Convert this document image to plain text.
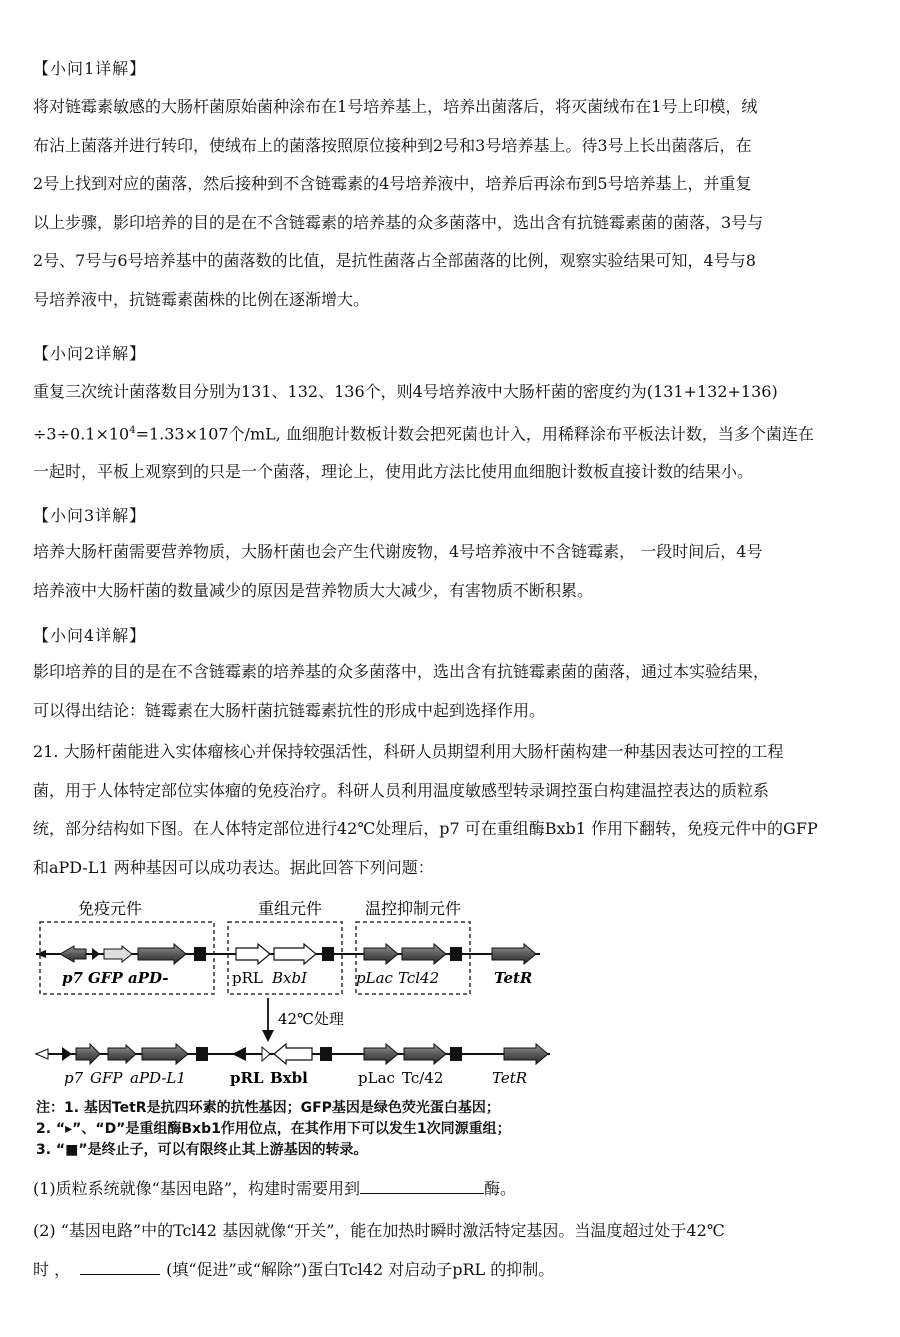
【小问1详解】

将对链霉素敏感的大肠杆菌原始菌种涂布在1号培养基上，培养出菌落后，将灭菌绒布在1号上印模，绒

布沾上菌落并进行转印，使绒布上的菌落按照原位接种到2号和3号培养基上。待3号上长出菌落后，在

2号上找到对应的菌落，然后接种到不含链霉素的4号培养液中，培养后再涂布到5号培养基上，并重复

以上步骤，影印培养的目的是在不含链霉素的培养基的众多菌落中，选出含有抗链霉素菌的菌落，3号与

2号、7号与6号培养基中的菌落数的比值，是抗性菌落占全部菌落的比例，观察实验结果可知，4号与8

号培养液中，抗链霉素菌株的比例在逐渐增大。

【小问2详解】

重复三次统计菌落数目分别为131、132、136个，则4号培养液中大肠杆菌的密度约为(131+132+136)

$\div 3\div 0.1\times 10^4=1.33\times 107$个/mL, 血细胞计数板计数会把死菌也计入，用稀释涂布平板法计数，当多个菌连在

一起时，平板上观察到的只是一个菌落，理论上，使用此方法比使用血细胞计数板直接计数的结果小。

【小问3详解】

培养大肠杆菌需要营养物质，大肠杆菌也会产生代谢废物，4号培养液中不含链霉素， 一段时间后，4号

培养液中大肠杆菌的数量减少的原因是营养物质大大减少，有害物质不断积累。

【小问4详解】

影印培养的目的是在不含链霉素的培养基的众多菌落中，选出含有抗链霉素菌的菌落，通过本实验结果，

可以得出结论：链霉素在大肠杆菌抗链霉素抗性的形成中起到选择作用。

21. 大肠杆菌能进入实体瘤核心并保持较强活性，科研人员期望利用大肠杆菌构建一种基因表达可控的工程

菌，用于人体特定部位实体瘤的免疫治疗。科研人员利用温度敏感型转录调控蛋白构建温控表达的质粒系

统，部分结构如下图。在人体特定部位进行42℃处理后，p7 可在重组酶Bxb1 作用下翻转，免疫元件中的GFP

和aPD-L1 两种基因可以成功表达。据此回答下列问题：

免疫元件	重组元件	温控抑制元件
p7 GFP aPD-	pRL BxbI	pLac Tcl42	TetR
42℃处理
p7 GFP aPD-L1	pRL Bxbl	pLac Tc/42	TetR

注：1. 基因TetR是抗四环素的抗性基因；GFP基因是绿色荧光蛋白基因；

2. “▸”、“D”是重组酶Bxb1作用位点，在其作用下可以发生1次同源重组；

3. “■”是终止子，可以有限终止其上游基因的转录。

(1)质粒系统就像“基因电路”，构建时需要用到	酶。
(2) “基因电路”中的Tcl42 基因就像“开关”，能在加热时瞬时激活特定基因。当温度超过处于42℃
时 ，	(填“促进”或“解除”)蛋白Tcl42 对启动子pRL 的抑制。
